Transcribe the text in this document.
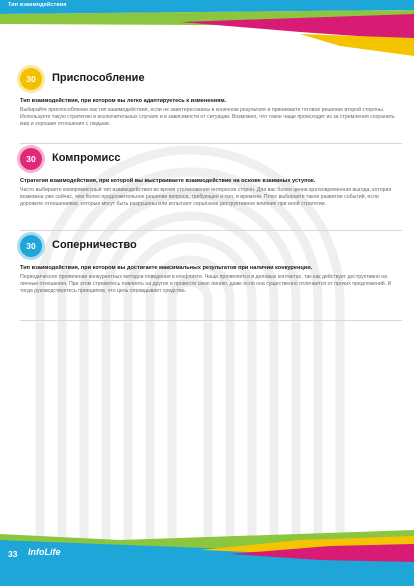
Тип взаимодействия
30	Приспособление
Тип взаимодействия, при котором вы легко адаптируетесь к изменениям.
Выбирайте приспособление как тип взаимодействия, если не заинтересованы в конечном результате и принимаете готовое решение второй стороны. Используете такую стратегию в исключительных случаях и в зависимости от ситуации. Возможно, что такое чаще происходит из за стремления сохранить мир и хорошие отношения с людьми.
30	Компромисс
Стратегия взаимодействия, при которой вы выстраиваете взаимодействие на основе взаимных уступок.
Часто выбираете компромиссный тип взаимодействия во время столкновения интересов сторон. Для вас более ценна кратковременная выгода, которая возможна уже сейчас, чем более продолжительное решение вопроса, требующее и сил, и времени. Плюс выбираете такое развитие событий, если дорожите отношениями, которые могут быть разрушены или испытают серьёзное деструктивное влияние при иной стратегии.
30	Соперничество
Тип взаимодействия, при котором вы достигаете максимальных результатов при наличии конкуренции.
Периодическое проявление конкурентных методов поведения в конфликте. Чаще проявляется в деловых контактах, так как действует деструктивно на личные отношения. При этом стремитесь повлиять на других и провести свою линию, даже если она существенно отличается от прочих предложений. И тогда руководствуетесь принципом, что цель оправдывает средства.
33 InfoLife
